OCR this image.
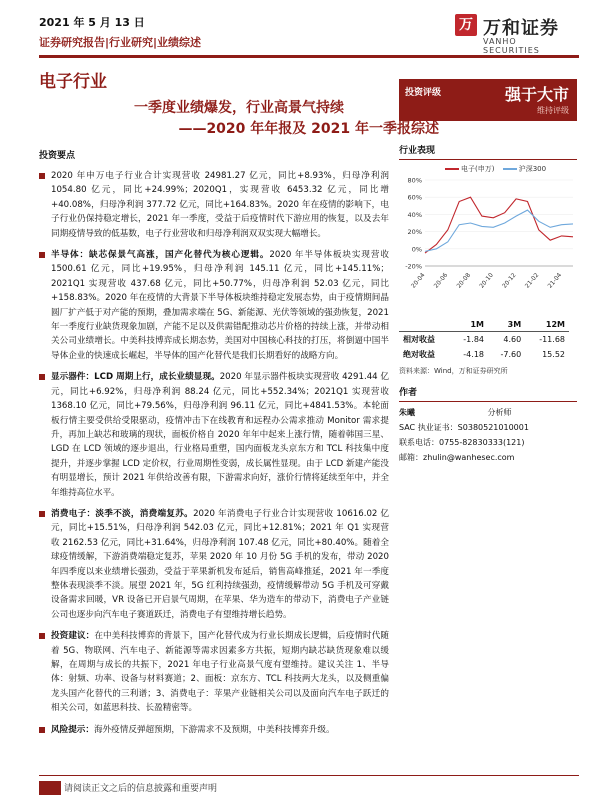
2021 年 5 月 13 日
证券研究报告|行业研究|业绩综述
万 万和证券
VANHO SECURITIES
电子行业
一季度业绩爆发，行业高景气持续
——2020 年年报及 2021 年一季报综述
投资评级	强于大市
维持评级
投资要点
2020 年申万电子行业合计实现营收 24981.27 亿元，同比+8.93%，归母净利润 1054.80 亿元，同比+24.99%；2020Q1，实现营收 6453.32 亿元，同比增+40.08%，归母净利润 377.72 亿元，同比+164.83%。2020 年在疫情的影响下，电子行业仍保持稳定增长，2021 年一季度，受益于后疫情时代下游应用的恢复，以及去年同期疫情导致的低基数，电子行业营收和归母净利润双双实现大幅增长。
半导体：缺芯保景气高涨，国产化替代为核心逻辑。2020 年半导体板块实现营收 1500.61 亿元，同比+19.95%，归母净利润 145.11 亿元，同比+145.11%；2021Q1 实现营收 437.68 亿元，同比+50.77%，归母净利润 52.03 亿元，同比+158.83%。2020 年在疫情的大背景下半导体板块维持稳定发展态势，由于疫情期间晶圆厂扩产低于对产能的预期，叠加需求端在 5G、新能源、光伏等领域的强劲恢复，2021 年一季度行业缺货现象加剧，产能不足以及供需错配推动芯片价格的持续上涨，并带动相关公司业绩增长。中美科技博弈成长期态势，美国对中国核心科技的打压，将倒逼中国半导体企业的快速成长崛起，半导体的国产化替代是我们长期看好的战略方向。
显示器件：LCD 周期上行，成长业绩显现。2020 年显示器件板块实现营收 4291.44 亿元，同比+6.92%，归母净利润 88.24 亿元，同比+552.34%；2021Q1 实现营收 1368.10 亿元，同比+79.56%，归母净利润 96.11 亿元，同比+4841.53%。本轮面板行情主要受供给受限驱动，疫情冲击下在线教育和远程办公需求推动 Monitor 需求提升，再加上缺芯和玻璃的现状，面板价格自 2020 年年中起来上涨行情，随着韩国三星、LGD 在 LCD 领域的逐步退出，行业格局重塑，国内面板龙头京东方和 TCL 科技集中度提升，并逐步掌握 LCD 定价权，行业周期性变弱，成长属性显现。由于 LCD 新建产能没有明显增长，预计 2021 年供给改善有限，下游需求向好，涨价行情将延续至年中，并全年维持高位水平。
消费电子：淡季不淡，消费端复苏。2020 年消费电子行业合计实现营收 10616.02 亿元，同比+15.51%，归母净利润 542.03 亿元，同比+12.81%；2021 年 Q1 实现营收 2162.53 亿元，同比+31.64%，归母净利润 107.48 亿元，同比+80.40%。随着全球疫情缓解，下游消费端稳定复苏，苹果 2020 年 10 月份 5G 手机的发布，带动 2020 年四季度以来业绩增长强劲，受益于苹果新机发布延后，销售高峰推延，2021 年一季度整体表现淡季不淡。展望 2021 年，5G 红利持续强劲，疫情缓解带动 5G 手机及可穿戴设备需求回暖，VR 设备已开启景气周期，在苹果、华为造车的带动下，消费电子产业链公司也逐步向汽车电子赛道跃迁，消费电子有望维持增长趋势。
投资建议：在中美科技博弈的背景下，国产化替代成为行业长期成长逻辑，后疫情时代随着 5G、物联网、汽车电子、新能源等需求因素多方共振，短期内缺芯缺货现象难以缓解，在周期与成长的共振下，2021 年电子行业高景气度有望维持。建议关注 1、半导体：射频、功率、设备与材料赛道；2、面板：京东方、TCL 科技两大龙头，以及侧重偏龙头国产化替代的三利谱；3、消费电子：苹果产业链相关公司以及面向汽车电子跃迁的相关公司，如蓝思科技、长盈精密等。
风险提示：海外疫情反弹超预期，下游需求不及预期，中美科技博弈升级。
行业表现
电子(申万)	沪深300
80%
60%
40%
20%
0%
-20%
20-04 20-06 20-08 20-10 20-12 21-02 21-04
	1M	3M	12M
相对收益	-1.84	4.60	-11.68
绝对收益	-4.18	-7.60	15.52
资料来源：Wind，万和证券研究所
作者
朱曦	分析师
SAC 执业证书：S0380521010001
联系电话：0755-82830333(121)
邮箱：zhulin@wanhesec.com
请阅读正文之后的信息披露和重要声明
